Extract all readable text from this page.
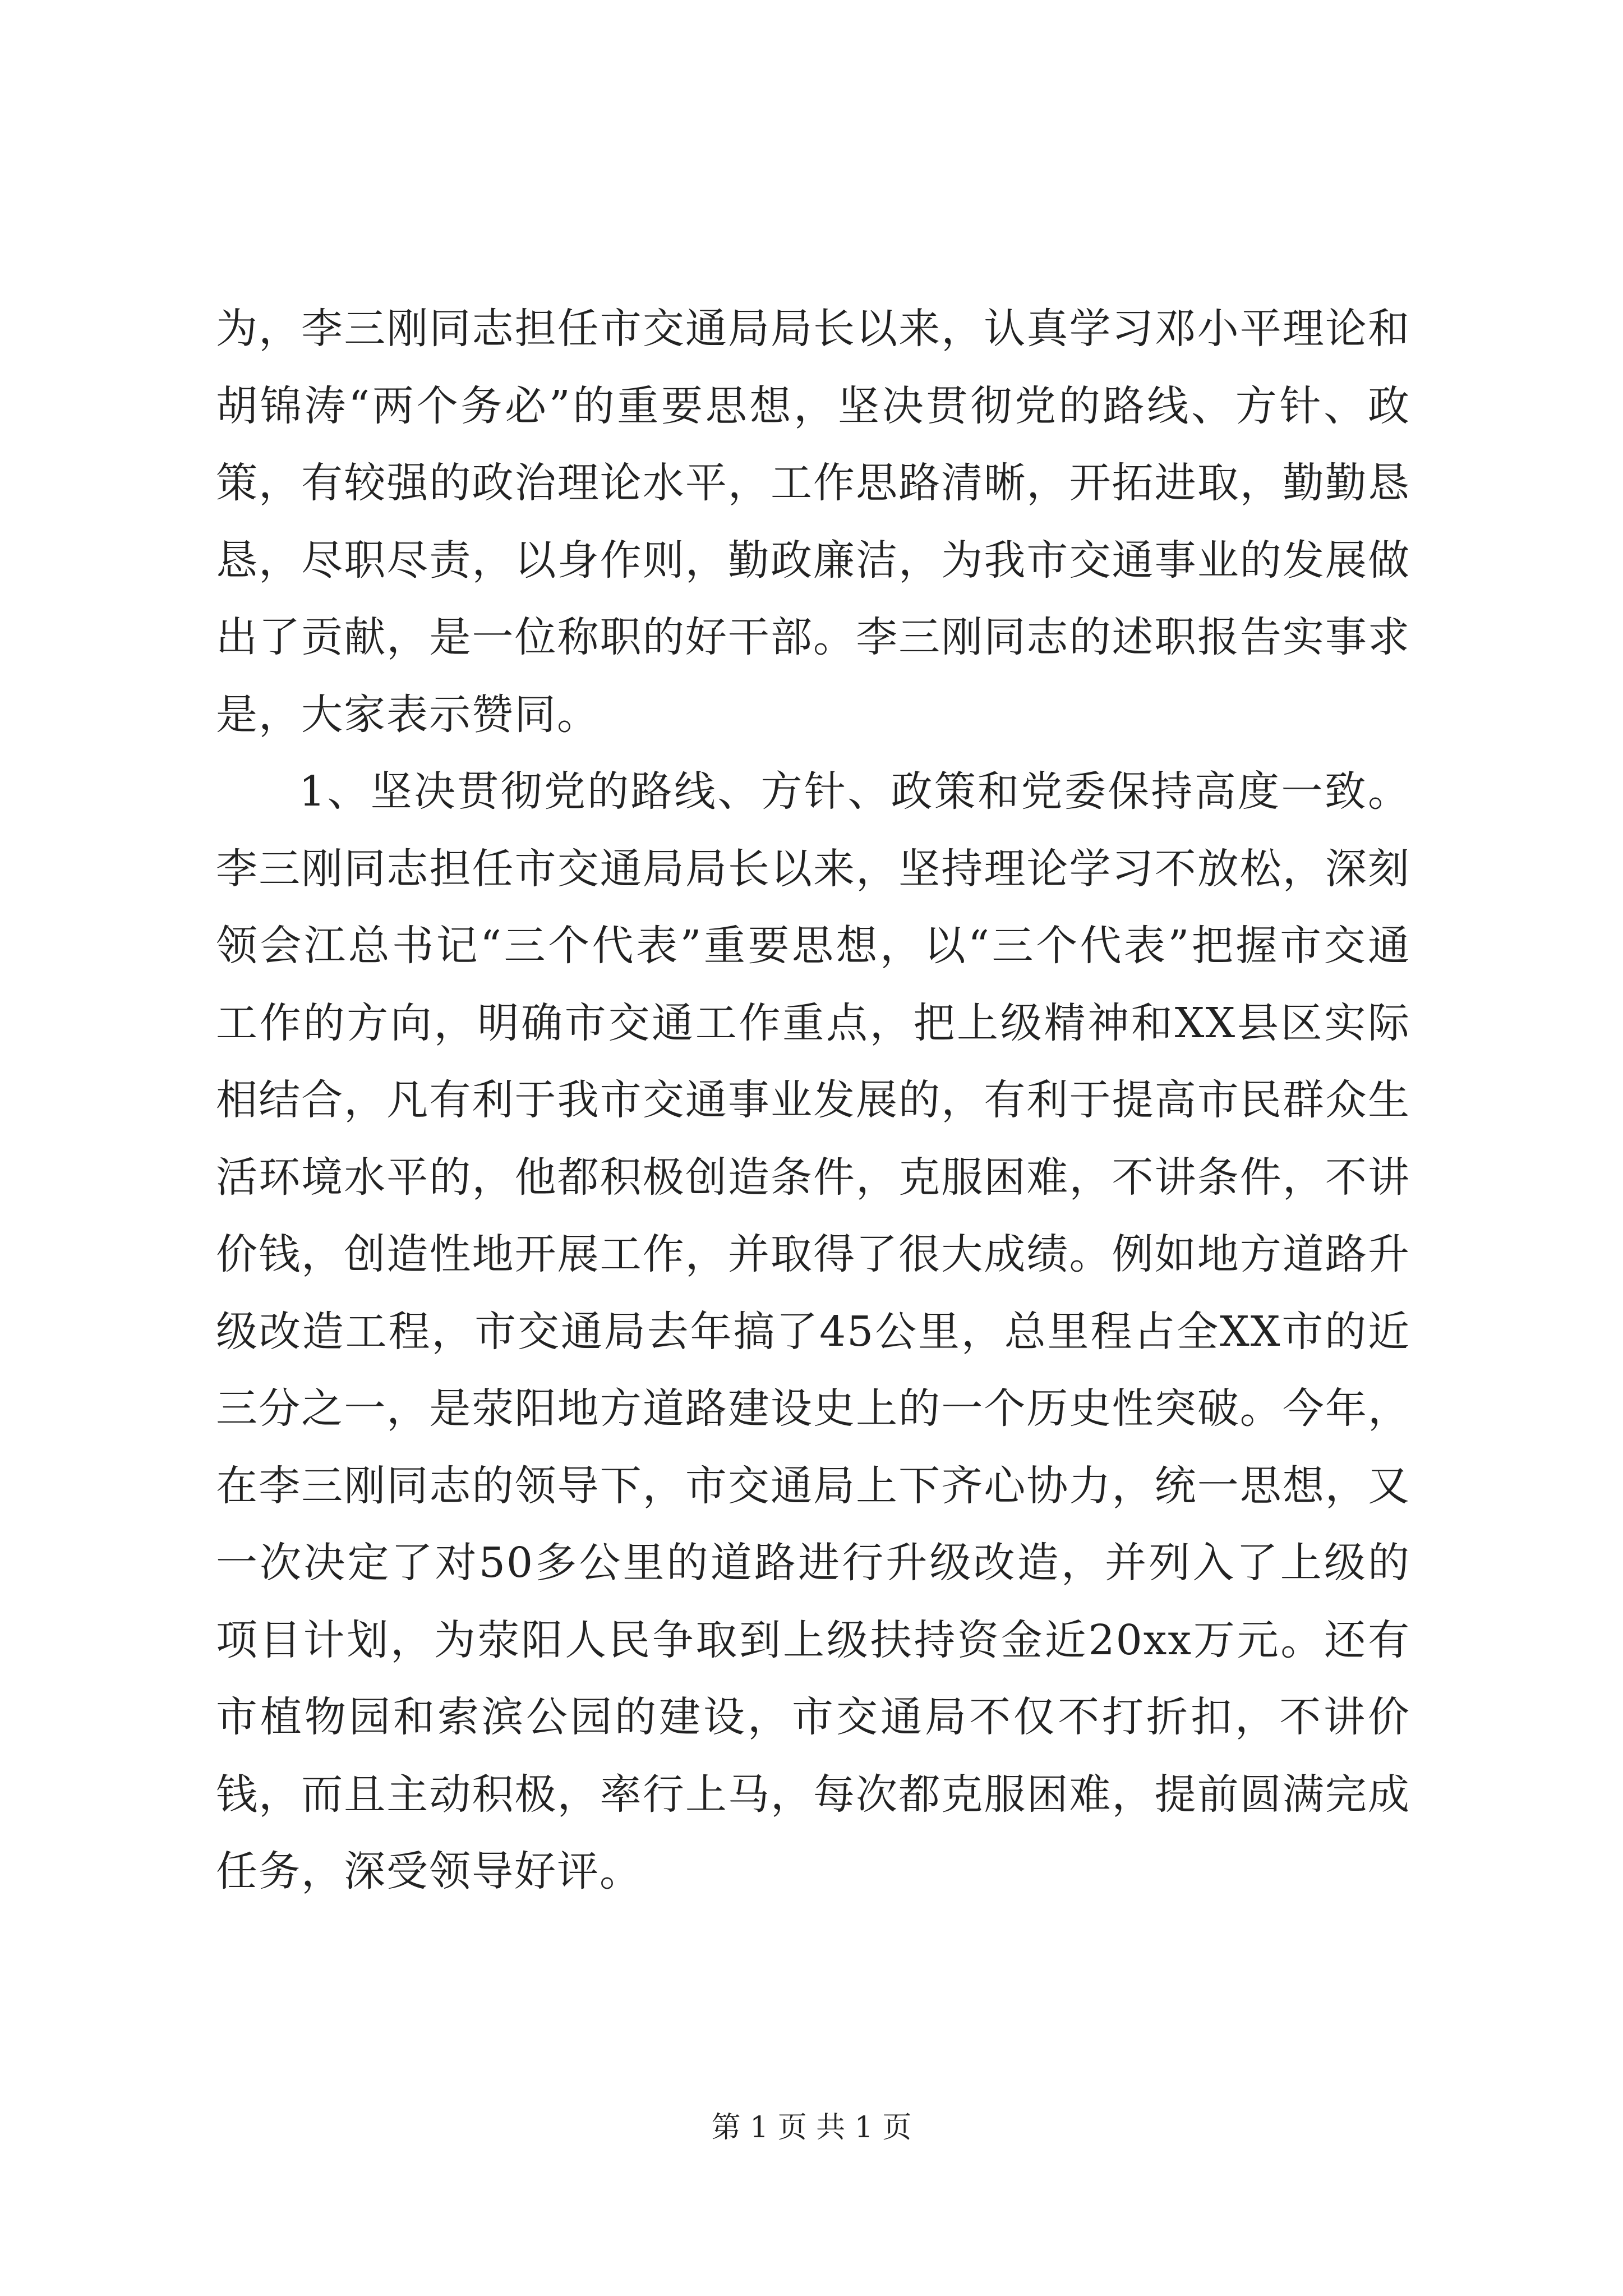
为，李三刚同志担任市交通局局长以来，认真学习邓小平理论和胡锦涛“两个务必”的重要思想，坚决贯彻党的路线、方针、政策，有较强的政治理论水平，工作思路清晰，开拓进取，勤勤恳恳，尽职尽责，以身作则，勤政廉洁，为我市交通事业的发展做出了贡献，是一位称职的好干部。李三刚同志的述职报告实事求是，大家表示赞同。

1、坚决贯彻党的路线、方针、政策和党委保持高度一致。李三刚同志担任市交通局局长以来，坚持理论学习不放松，深刻领会江总书记“三个代表”重要思想，以“三个代表”把握市交通工作的方向，明确市交通工作重点，把上级精神和XX县区实际相结合，凡有利于我市交通事业发展的，有利于提高市民群众生活环境水平的，他都积极创造条件，克服困难，不讲条件，不讲价钱，创造性地开展工作，并取得了很大成绩。例如地方道路升级改造工程，市交通局去年搞了45公里，总里程占全XX市的近三分之一，是荥阳地方道路建设史上的一个历史性突破。今年，在李三刚同志的领导下，市交通局上下齐心协力，统一思想，又一次决定了对50多公里的道路进行升级改造，并列入了上级的项目计划，为荥阳人民争取到上级扶持资金近20xx万元。还有市植物园和索滨公园的建设，市交通局不仅不打折扣，不讲价钱，而且主动积极，率行上马，每次都克服困难，提前圆满完成任务，深受领导好评。

第 1 页 共 1 页
